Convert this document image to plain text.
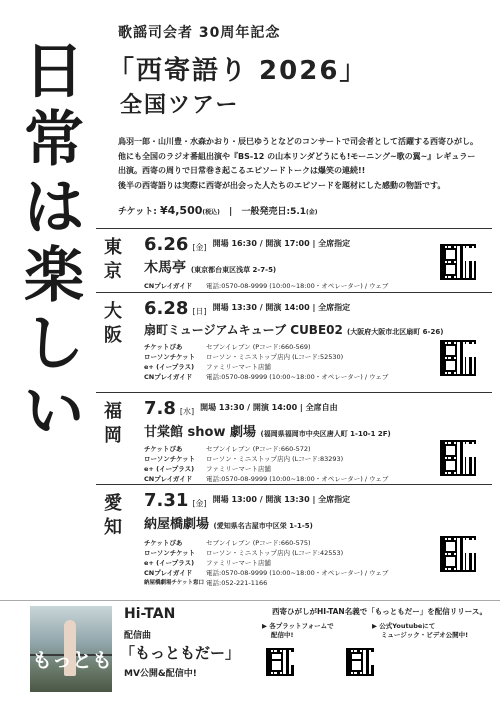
日
常
は
楽
し
い
歌謡司会者 30周年記念
「西寄語り 2026」
全国ツアー
鳥羽一郎・山川豊・水森かおり・辰巳ゆうとなどのコンサートで司会者として活躍する西寄ひがし。
他にも全国のラジオ番組出演や『BS-12 の山本リンダどうにも!モーニング~歌の翼~』レギュラー
出演。西寄の周りで日常巻き起こるエピソードトークは爆笑の連続!!
後半の西寄語りは実際に西寄が出会った人たちのエピソードを題材にした感動の物語です。
チケット: ¥4,500(税込) | 一般発売日:5.1(金)
東
京
6.26 [金] 開場 16:30 / 開演 17:00 | 全席指定
木馬亭 (東京都台東区浅草 2-7-5)
CNプレイガイド	電話:0570-08-9999 (10:00~18:00・オペレーター) / ウェブ
大
阪
6.28 [日] 開場 13:30 / 開演 14:00 | 全席指定
扇町ミュージアムキューブ CUBE02 (大阪府大阪市北区扇町 6-26)
チケットぴあ	セブンイレブン (Pコード:660-569)
ローソンチケット	ローソン・ミニストップ店内 (Lコード:52530)
e+ (イープラス)	ファミリーマート店舗
CNプレイガイド	電話:0570-08-9999 (10:00~18:00・オペレーター) / ウェブ
福
岡
7.8 [水] 開場 13:30 / 開演 14:00 | 全席自由
甘棠館 show 劇場 (福岡県福岡市中央区唐人町 1-10-1 2F)
チケットぴあ	セブンイレブン (Pコード:660-572)
ローソンチケット	ローソン・ミニストップ店内 (Lコード:83293)
e+ (イープラス)	ファミリーマート店舗
CNプレイガイド	電話:0570-08-9999 (10:00~18:00・オペレーター) / ウェブ
愛
知
7.31 [金] 開場 13:00 / 開演 13:30 | 全席指定
納屋橋劇場 (愛知県名古屋市中区栄 1-1-5)
チケットぴあ	セブンイレブン (Pコード:660-575)
ローソンチケット	ローソン・ミニストップ店内 (Lコード:42553)
e+ (イープラス)	ファミリーマート店舗
CNプレイガイド	電話:0570-08-9999 (10:00~18:00・オペレーター) / ウェブ
納屋橋劇場チケット窓口 電話:052-221-1166
もっとも
Hi-TAN
配信曲
「もっともだー」
MV公開&配信中!
西寄ひがしがHI-TAN名義で「もっともだー」を配信リリース。
▶ 各プラットフォームで
配信中!
▶ 公式Youtubeにて
ミュージック・ビデオ公開中!
